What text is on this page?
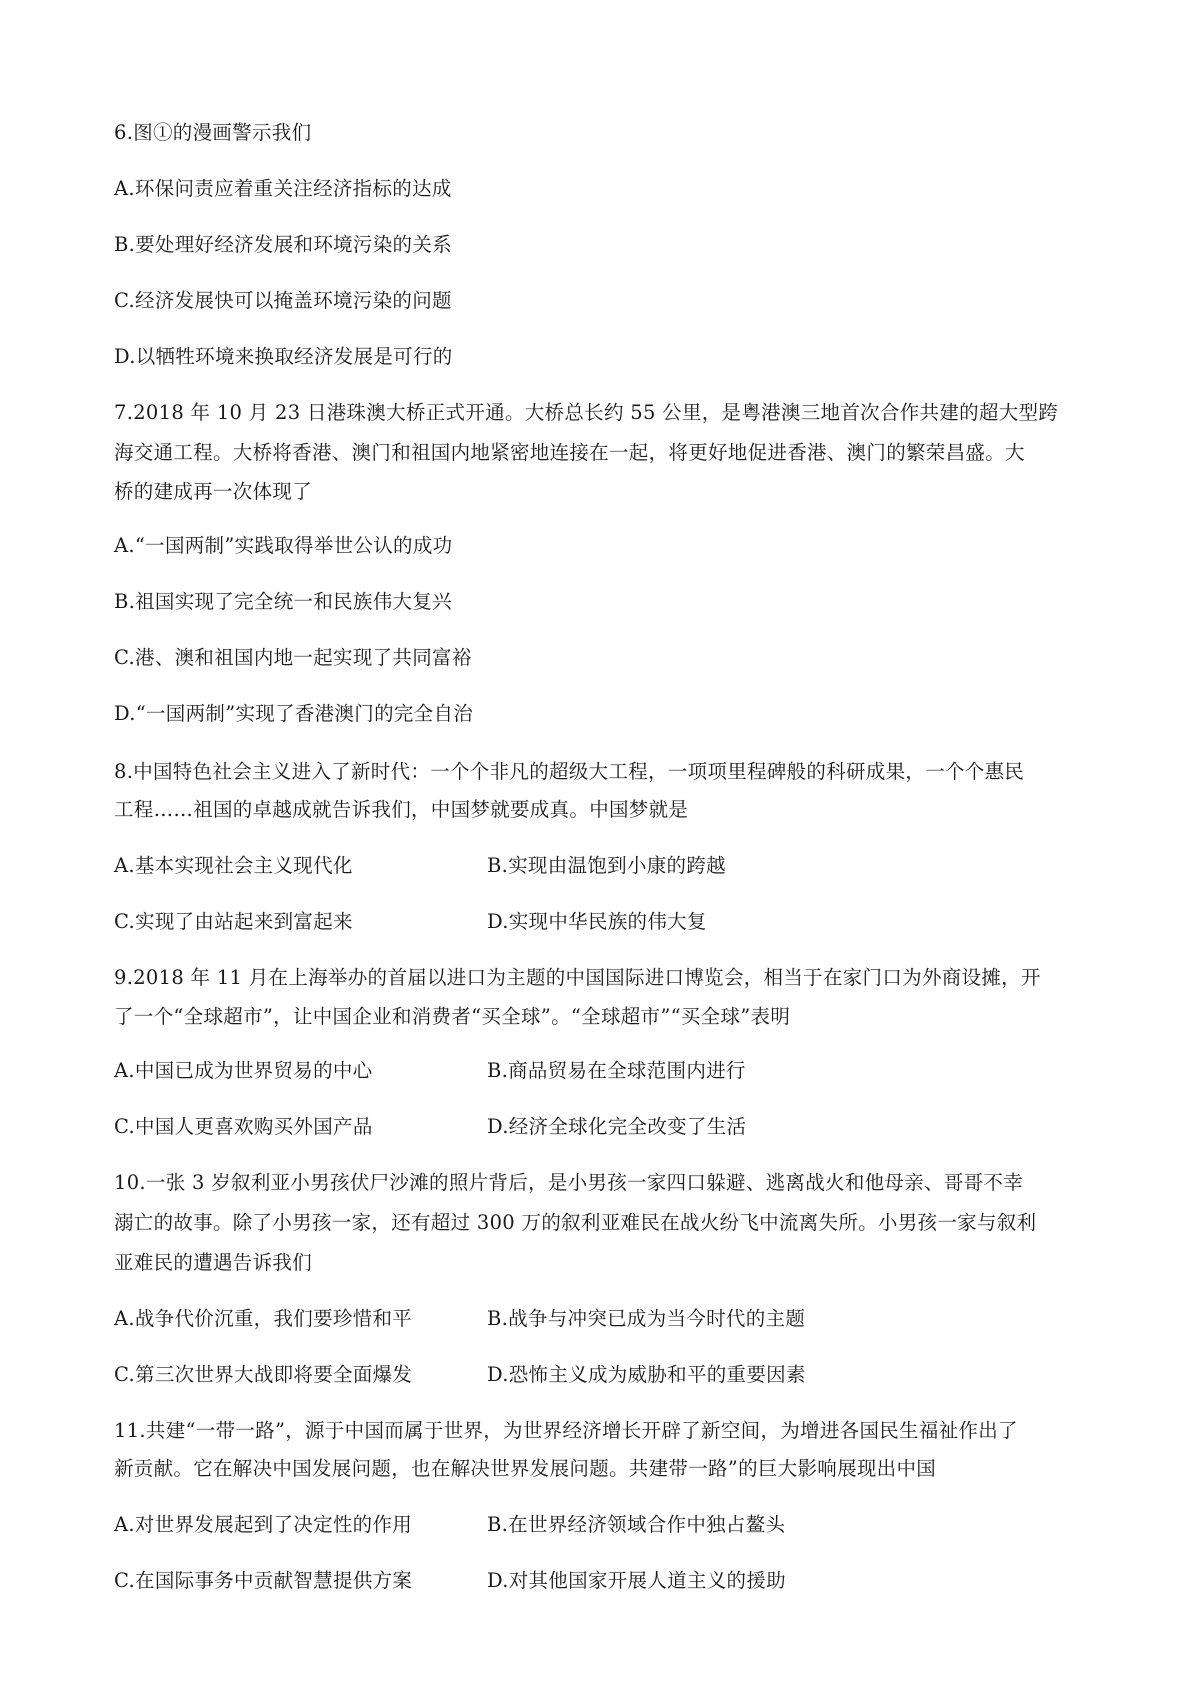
6.图①的漫画警示我们
A.环保问责应着重关注经济指标的达成
B.要处理好经济发展和环境污染的关系
C.经济发展快可以掩盖环境污染的问题
D.以牺牲环境来换取经济发展是可行的
7.2018 年 10 月 23 日港珠澳大桥正式开通。大桥总长约 55 公里，是粤港澳三地首次合作共建的超大型跨
海交通工程。大桥将香港、澳门和祖国内地紧密地连接在一起，将更好地促进香港、澳门的繁荣昌盛。大
桥的建成再一次体现了
A.“一国两制”实践取得举世公认的成功
B.祖国实现了完全统一和民族伟大复兴
C.港、澳和祖国内地一起实现了共同富裕
D.“一国两制”实现了香港澳门的完全自治
8.中国特色社会主义进入了新时代：一个个非凡的超级大工程，一项项里程碑般的科研成果，一个个惠民
工程……祖国的卓越成就告诉我们，中国梦就要成真。中国梦就是
A.基本实现社会主义现代化	B.实现由温饱到小康的跨越
C.实现了由站起来到富起来	D.实现中华民族的伟大复
9.2018 年 11 月在上海举办的首届以进口为主题的中国国际进口博览会，相当于在家门口为外商设摊，开
了一个“全球超市”，让中国企业和消费者“买全球”。“全球超市”“买全球”表明
A.中国已成为世界贸易的中心	B.商品贸易在全球范围内进行
C.中国人更喜欢购买外国产品	D.经济全球化完全改变了生活
10.一张 3 岁叙利亚小男孩伏尸沙滩的照片背后，是小男孩一家四口躲避、逃离战火和他母亲、哥哥不幸
溺亡的故事。除了小男孩一家，还有超过 300 万的叙利亚难民在战火纷飞中流离失所。小男孩一家与叙利
亚难民的遭遇告诉我们
A.战争代价沉重，我们要珍惜和平	B.战争与冲突已成为当今时代的主题
C.第三次世界大战即将要全面爆发	D.恐怖主义成为威胁和平的重要因素
11.共建“一带一路”，源于中国而属于世界，为世界经济增长开辟了新空间，为增进各国民生福祉作出了
新贡献。它在解决中国发展问题，也在解决世界发展问题。共建带一路”的巨大影响展现出中国
A.对世界发展起到了决定性的作用	B.在世界经济领域合作中独占鳌头
C.在国际事务中贡献智慧提供方案	D.对其他国家开展人道主义的援助
